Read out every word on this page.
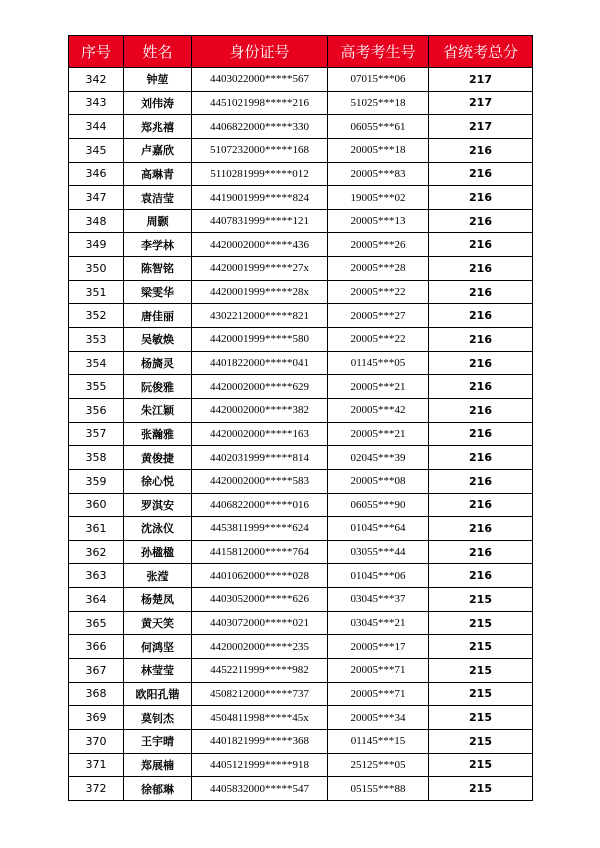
序号	姓名	身份证号	高考考生号	省统考总分
342	钟堃	4403022000*****567	07015***06	217
343	刘伟涛	4451021998*****216	51025***18	217
344	郑兆禧	4406822000*****330	06055***61	217
345	卢嘉欣	5107232000*****168	20005***18	216
346	高琳青	5110281999*****012	20005***83	216
347	袁洁莹	4419001999*****824	19005***02	216
348	周颢	4407831999*****121	20005***13	216
349	李学林	4420002000*****436	20005***26	216
350	陈智铭	4420001999*****27x	20005***28	216
351	梁雯华	4420001999*****28x	20005***22	216
352	唐佳丽	4302212000*****821	20005***27	216
353	吴敏焕	4420001999*****580	20005***22	216
354	杨旖灵	4401822000*****041	01145***05	216
355	阮俊雅	4420002000*****629	20005***21	216
356	朱江颖	4420002000*****382	20005***42	216
357	张瀚雅	4420002000*****163	20005***21	216
358	黄俊捷	4402031999*****814	02045***39	216
359	徐心悦	4420002000*****583	20005***08	216
360	罗淇安	4406822000*****016	06055***90	216
361	沈泳仪	4453811999*****624	01045***64	216
362	孙楹楹	4415812000*****764	03055***44	216
363	张滢	4401062000*****028	01045***06	216
364	杨楚凤	4403052000*****626	03045***37	215
365	黄天笑	4403072000*****021	03045***21	215
366	何鸿坚	4420002000*****235	20005***17	215
367	林莹莹	4452211999*****982	20005***71	215
368	欧阳孔锴	4508212000*****737	20005***71	215
369	莫钊杰	4504811998*****45x	20005***34	215
370	王宇晴	4401821999*****368	01145***15	215
371	郑展楠	4405121999*****918	25125***05	215
372	徐郁琳	4405832000*****547	05155***88	215
